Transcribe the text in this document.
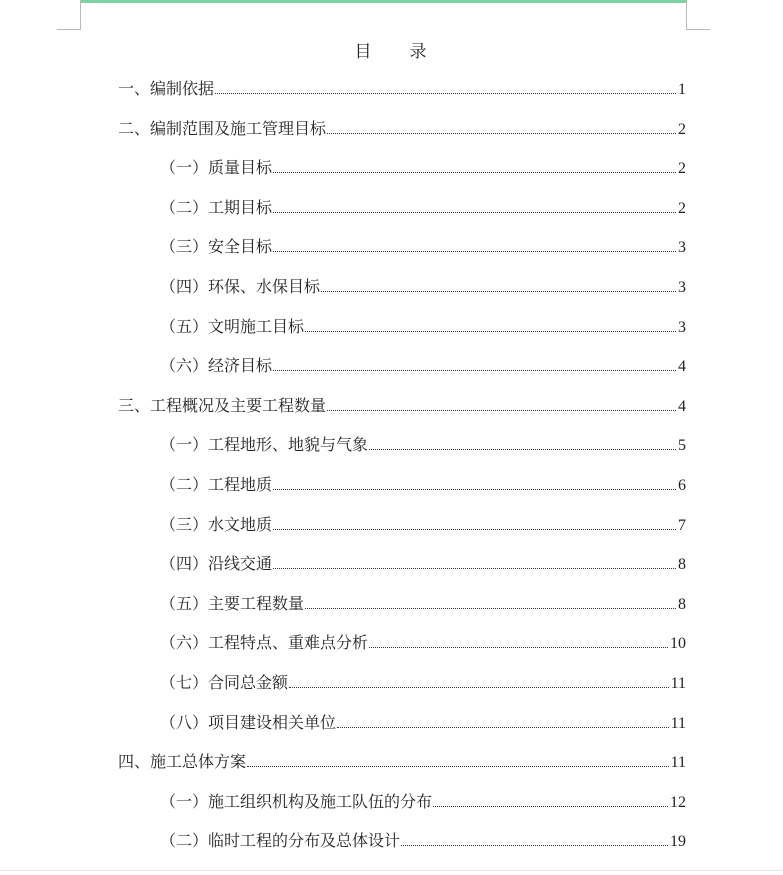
目录
一、编制依据	1
二、编制范围及施工管理目标	2
（一）质量目标	2
（二）工期目标	2
（三）安全目标	3
（四）环保、水保目标	3
（五）文明施工目标	3
（六）经济目标	4
三、工程概况及主要工程数量	4
（一）工程地形、地貌与气象	5
（二）工程地质	6
（三）水文地质	7
（四）沿线交通	8
（五）主要工程数量	8
（六）工程特点、重难点分析	10
（七）合同总金额	11
（八）项目建设相关单位	11
四、施工总体方案	11
（一）施工组织机构及施工队伍的分布	12
（二）临时工程的分布及总体设计	19
